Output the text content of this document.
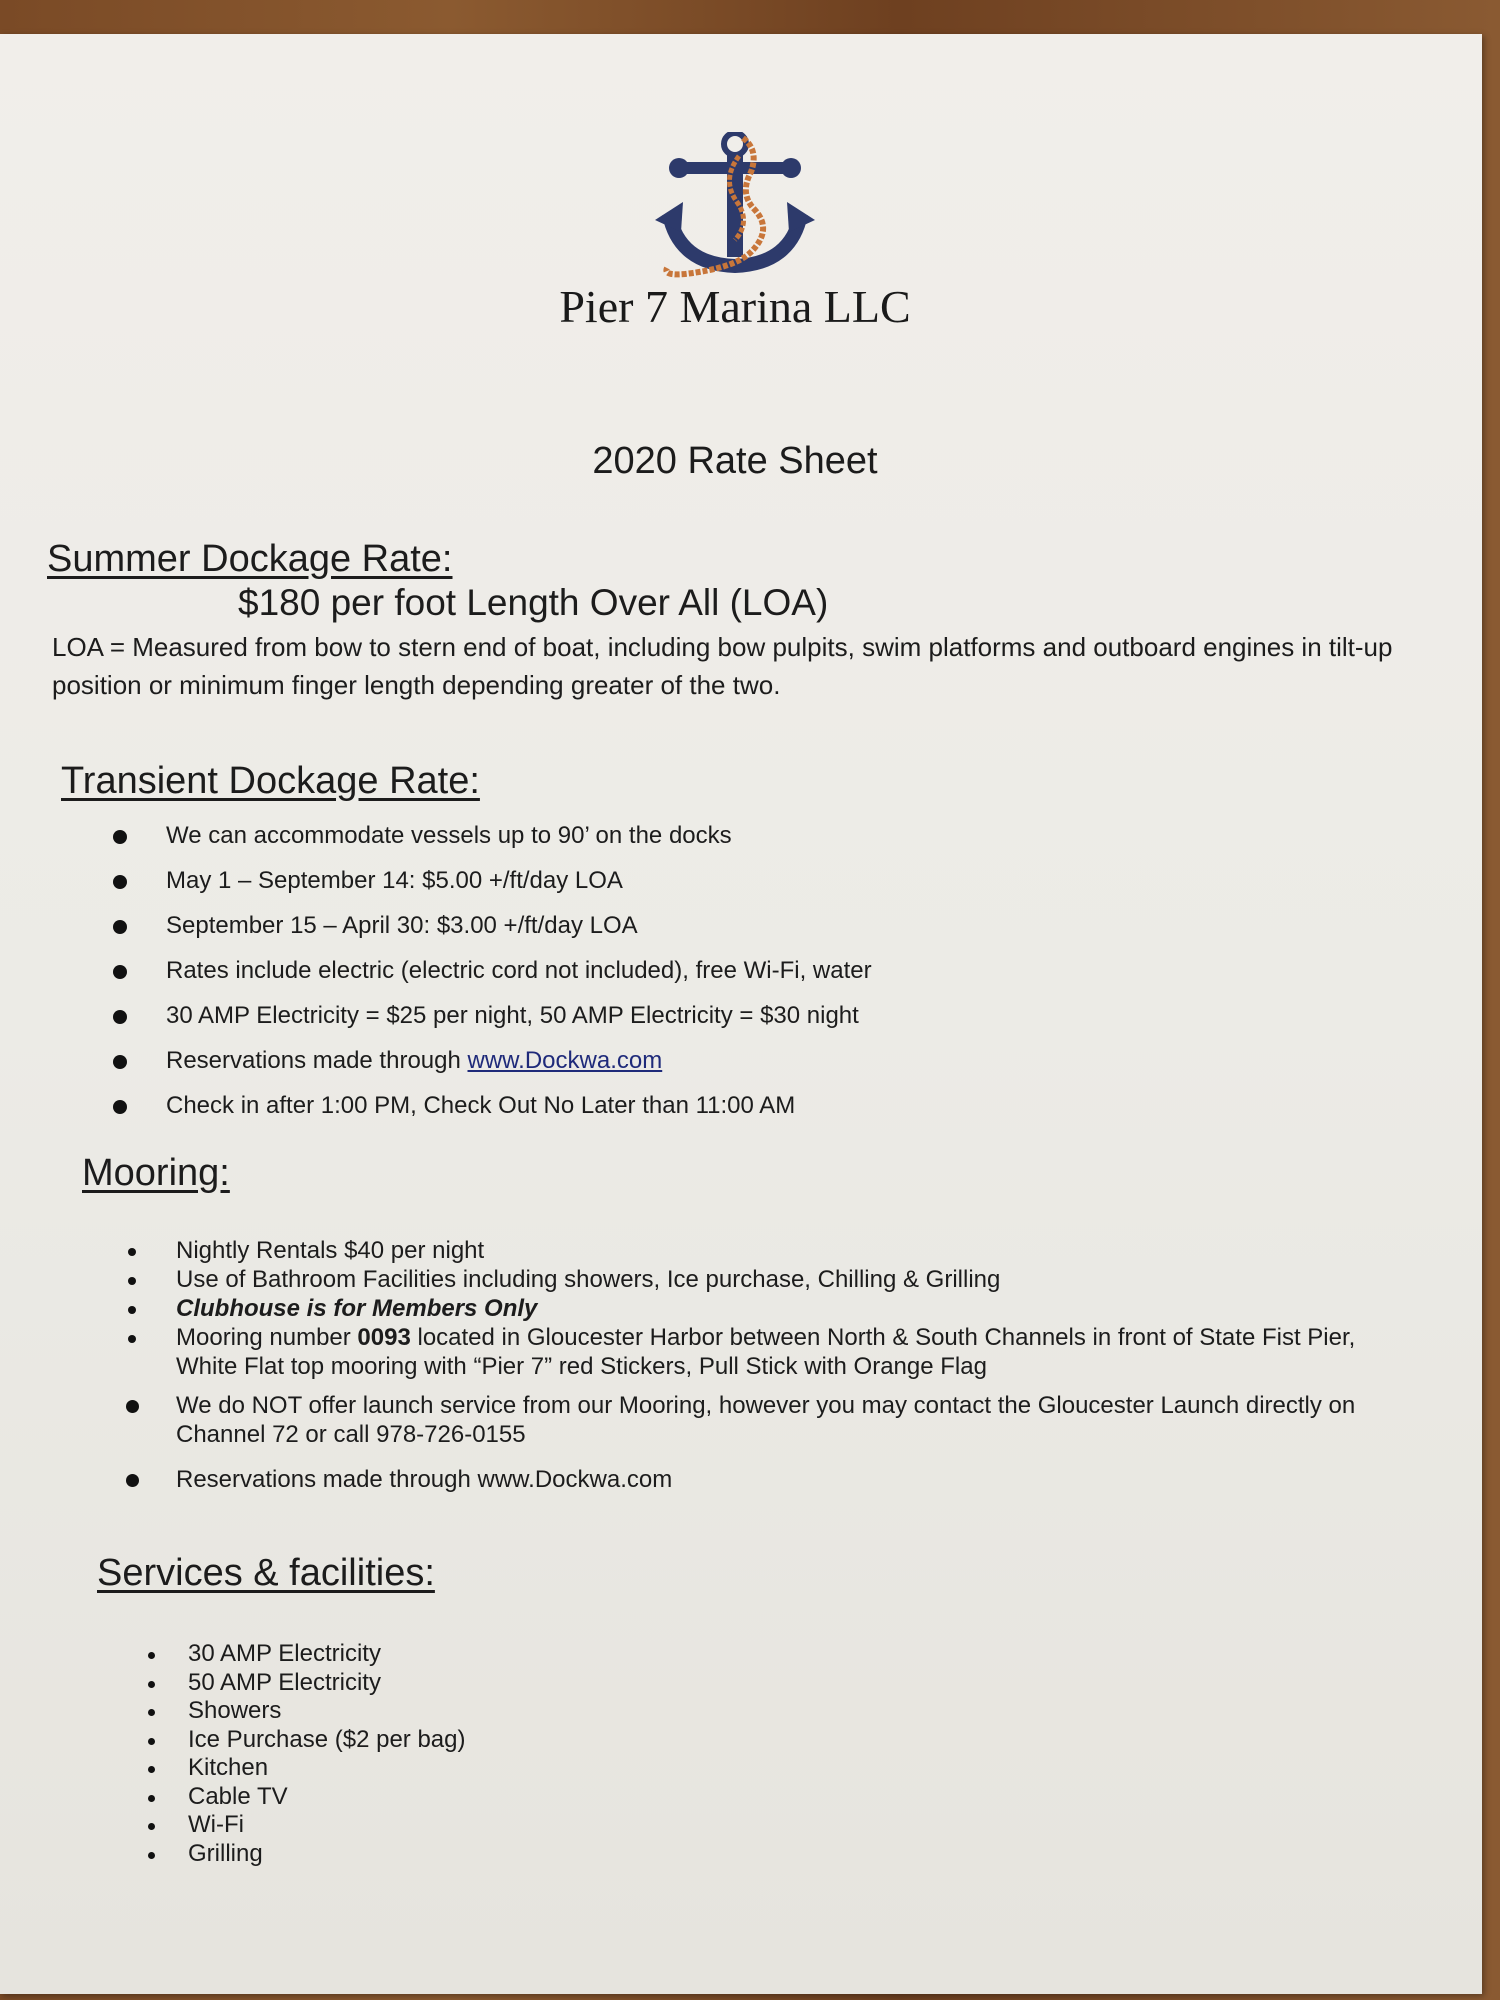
Pier 7 Marina LLC
2020 Rate Sheet
Summer Dockage Rate:
$180 per foot Length Over All (LOA)
LOA = Measured from bow to stern end of boat, including bow pulpits, swim platforms and outboard engines in tilt-up position or minimum finger length depending greater of the two.
Transient Dockage Rate:
We can accommodate vessels up to 90’ on the docks
May 1 – September 14: $5.00 +/ft/day LOA
September 15 – April 30: $3.00 +/ft/day LOA
Rates include electric (electric cord not included), free Wi-Fi, water
30 AMP Electricity = $25 per night, 50 AMP Electricity = $30 night
Reservations made through www.Dockwa.com
Check in after 1:00 PM, Check Out No Later than 11:00 AM
Mooring:
Nightly Rentals $40 per night
Use of Bathroom Facilities including showers, Ice purchase, Chilling & Grilling
Clubhouse is for Members Only
Mooring number 0093 located in Gloucester Harbor between North & South Channels in front of State Fist Pier, White Flat top mooring with “Pier 7” red Stickers, Pull Stick with Orange Flag
We do NOT offer launch service from our Mooring, however you may contact the Gloucester Launch directly on Channel 72 or call 978-726-0155
Reservations made through www.Dockwa.com
Services & facilities:
30 AMP Electricity
50 AMP Electricity
Showers
Ice Purchase ($2 per bag)
Kitchen
Cable TV
Wi-Fi
Grilling
